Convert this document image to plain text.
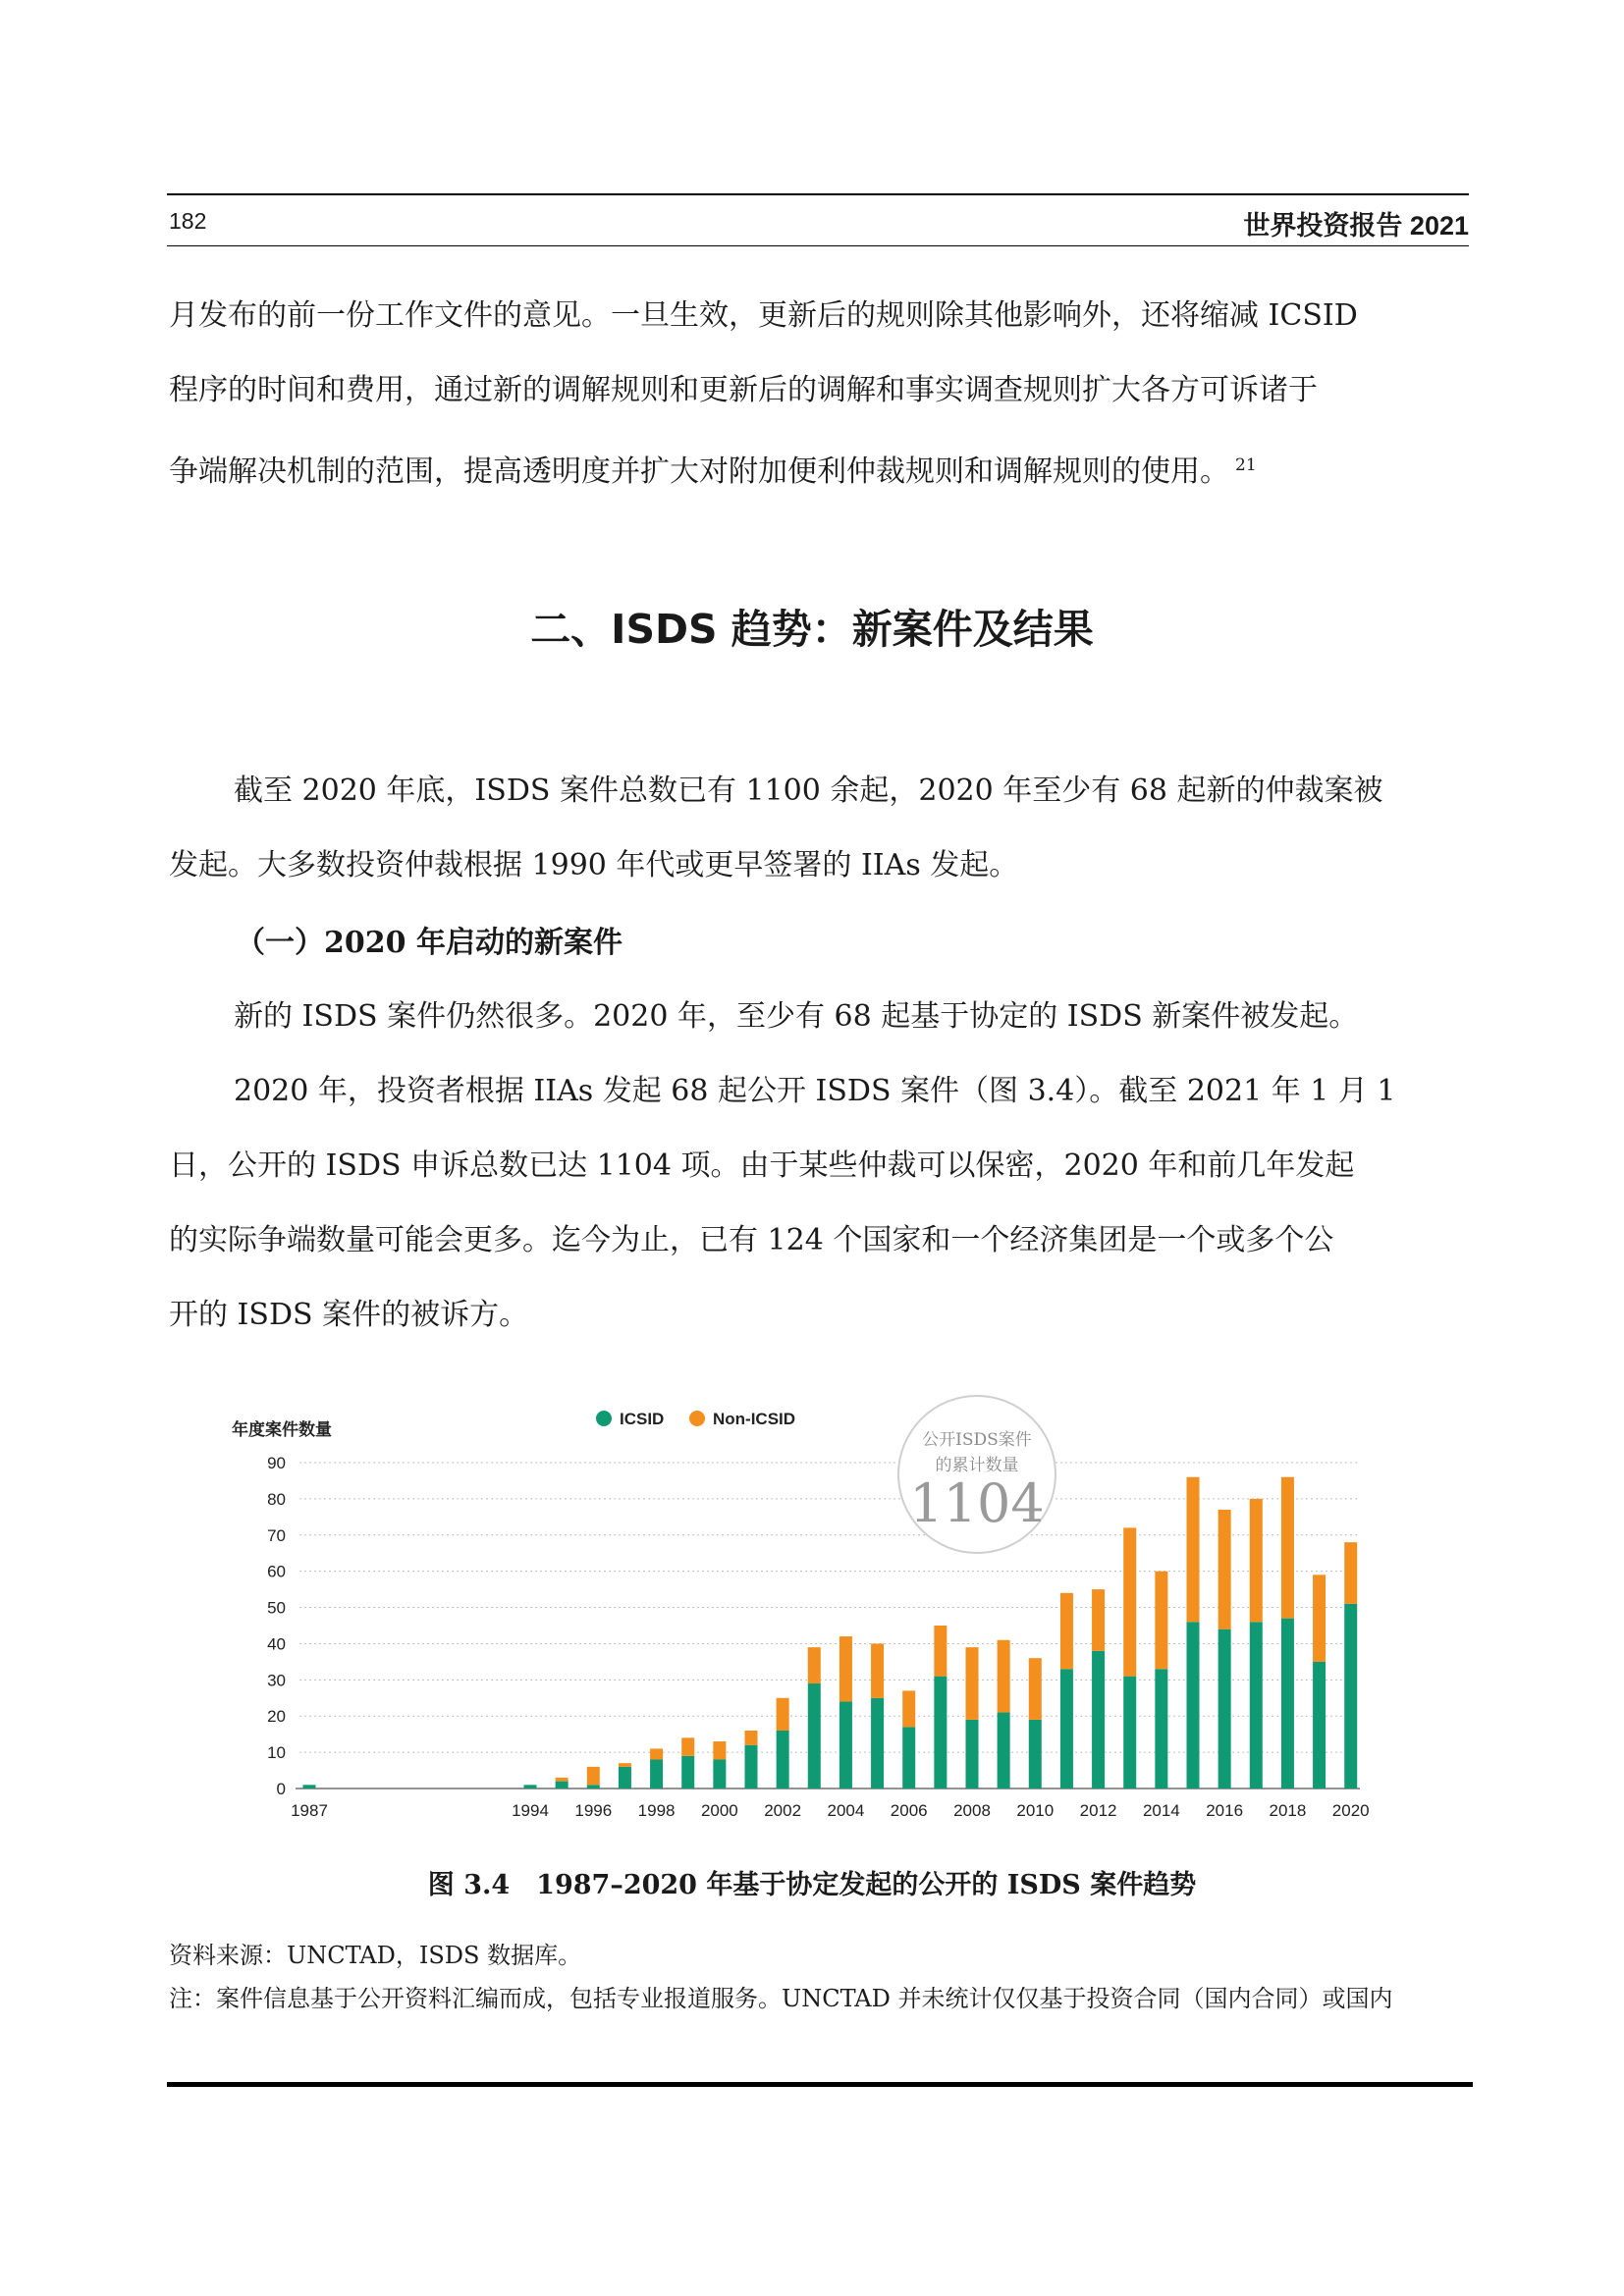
182	世界投资报告 2021

月发布的前一份工作文件的意见。一旦生效，更新后的规则除其他影响外，还将缩减 ICSID
程序的时间和费用，通过新的调解规则和更新后的调解和事实调查规则扩大各方可诉诸于
争端解决机制的范围，提高透明度并扩大对附加便利仲裁规则和调解规则的使用。 $^{21}$

二、ISDS 趋势：新案件及结果

截至 2020 年底，ISDS 案件总数已有 1100 余起，2020 年至少有 68 起新的仲裁案被
发起。大多数投资仲裁根据 1990 年代或更早签署的 IIAs 发起。

（一）2020 年启动的新案件

新的 ISDS 案件仍然很多。2020 年，至少有 68 起基于协定的 ISDS 新案件被发起。

2020 年，投资者根据 IIAs 发起 68 起公开 ISDS 案件（图 3.4）。截至 2021 年 1 月 1
日，公开的 ISDS 申诉总数已达 1104 项。由于某些仲裁可以保密，2020 年和前几年发起
的实际争端数量可能会更多。迄今为止，已有 124 个国家和一个经济集团是一个或多个公
开的 ISDS 案件的被诉方。

0
10
20
30
40
50
60
70
80
90
年度案件数量
1987	1994 1996 1998 2000 2002 2004 2006 2008 2010 2012 2014 2016 2018 2020
ICSID	Non-ICSID
公开ISDS案件
的累计数量
1104

图 3.4　1987–2020 年基于协定发起的公开的 ISDS 案件趋势

资料来源：UNCTAD，ISDS 数据库。

注：案件信息基于公开资料汇编而成，包括专业报道服务。UNCTAD 并未统计仅仅基于投资合同（国内合同）或国内
